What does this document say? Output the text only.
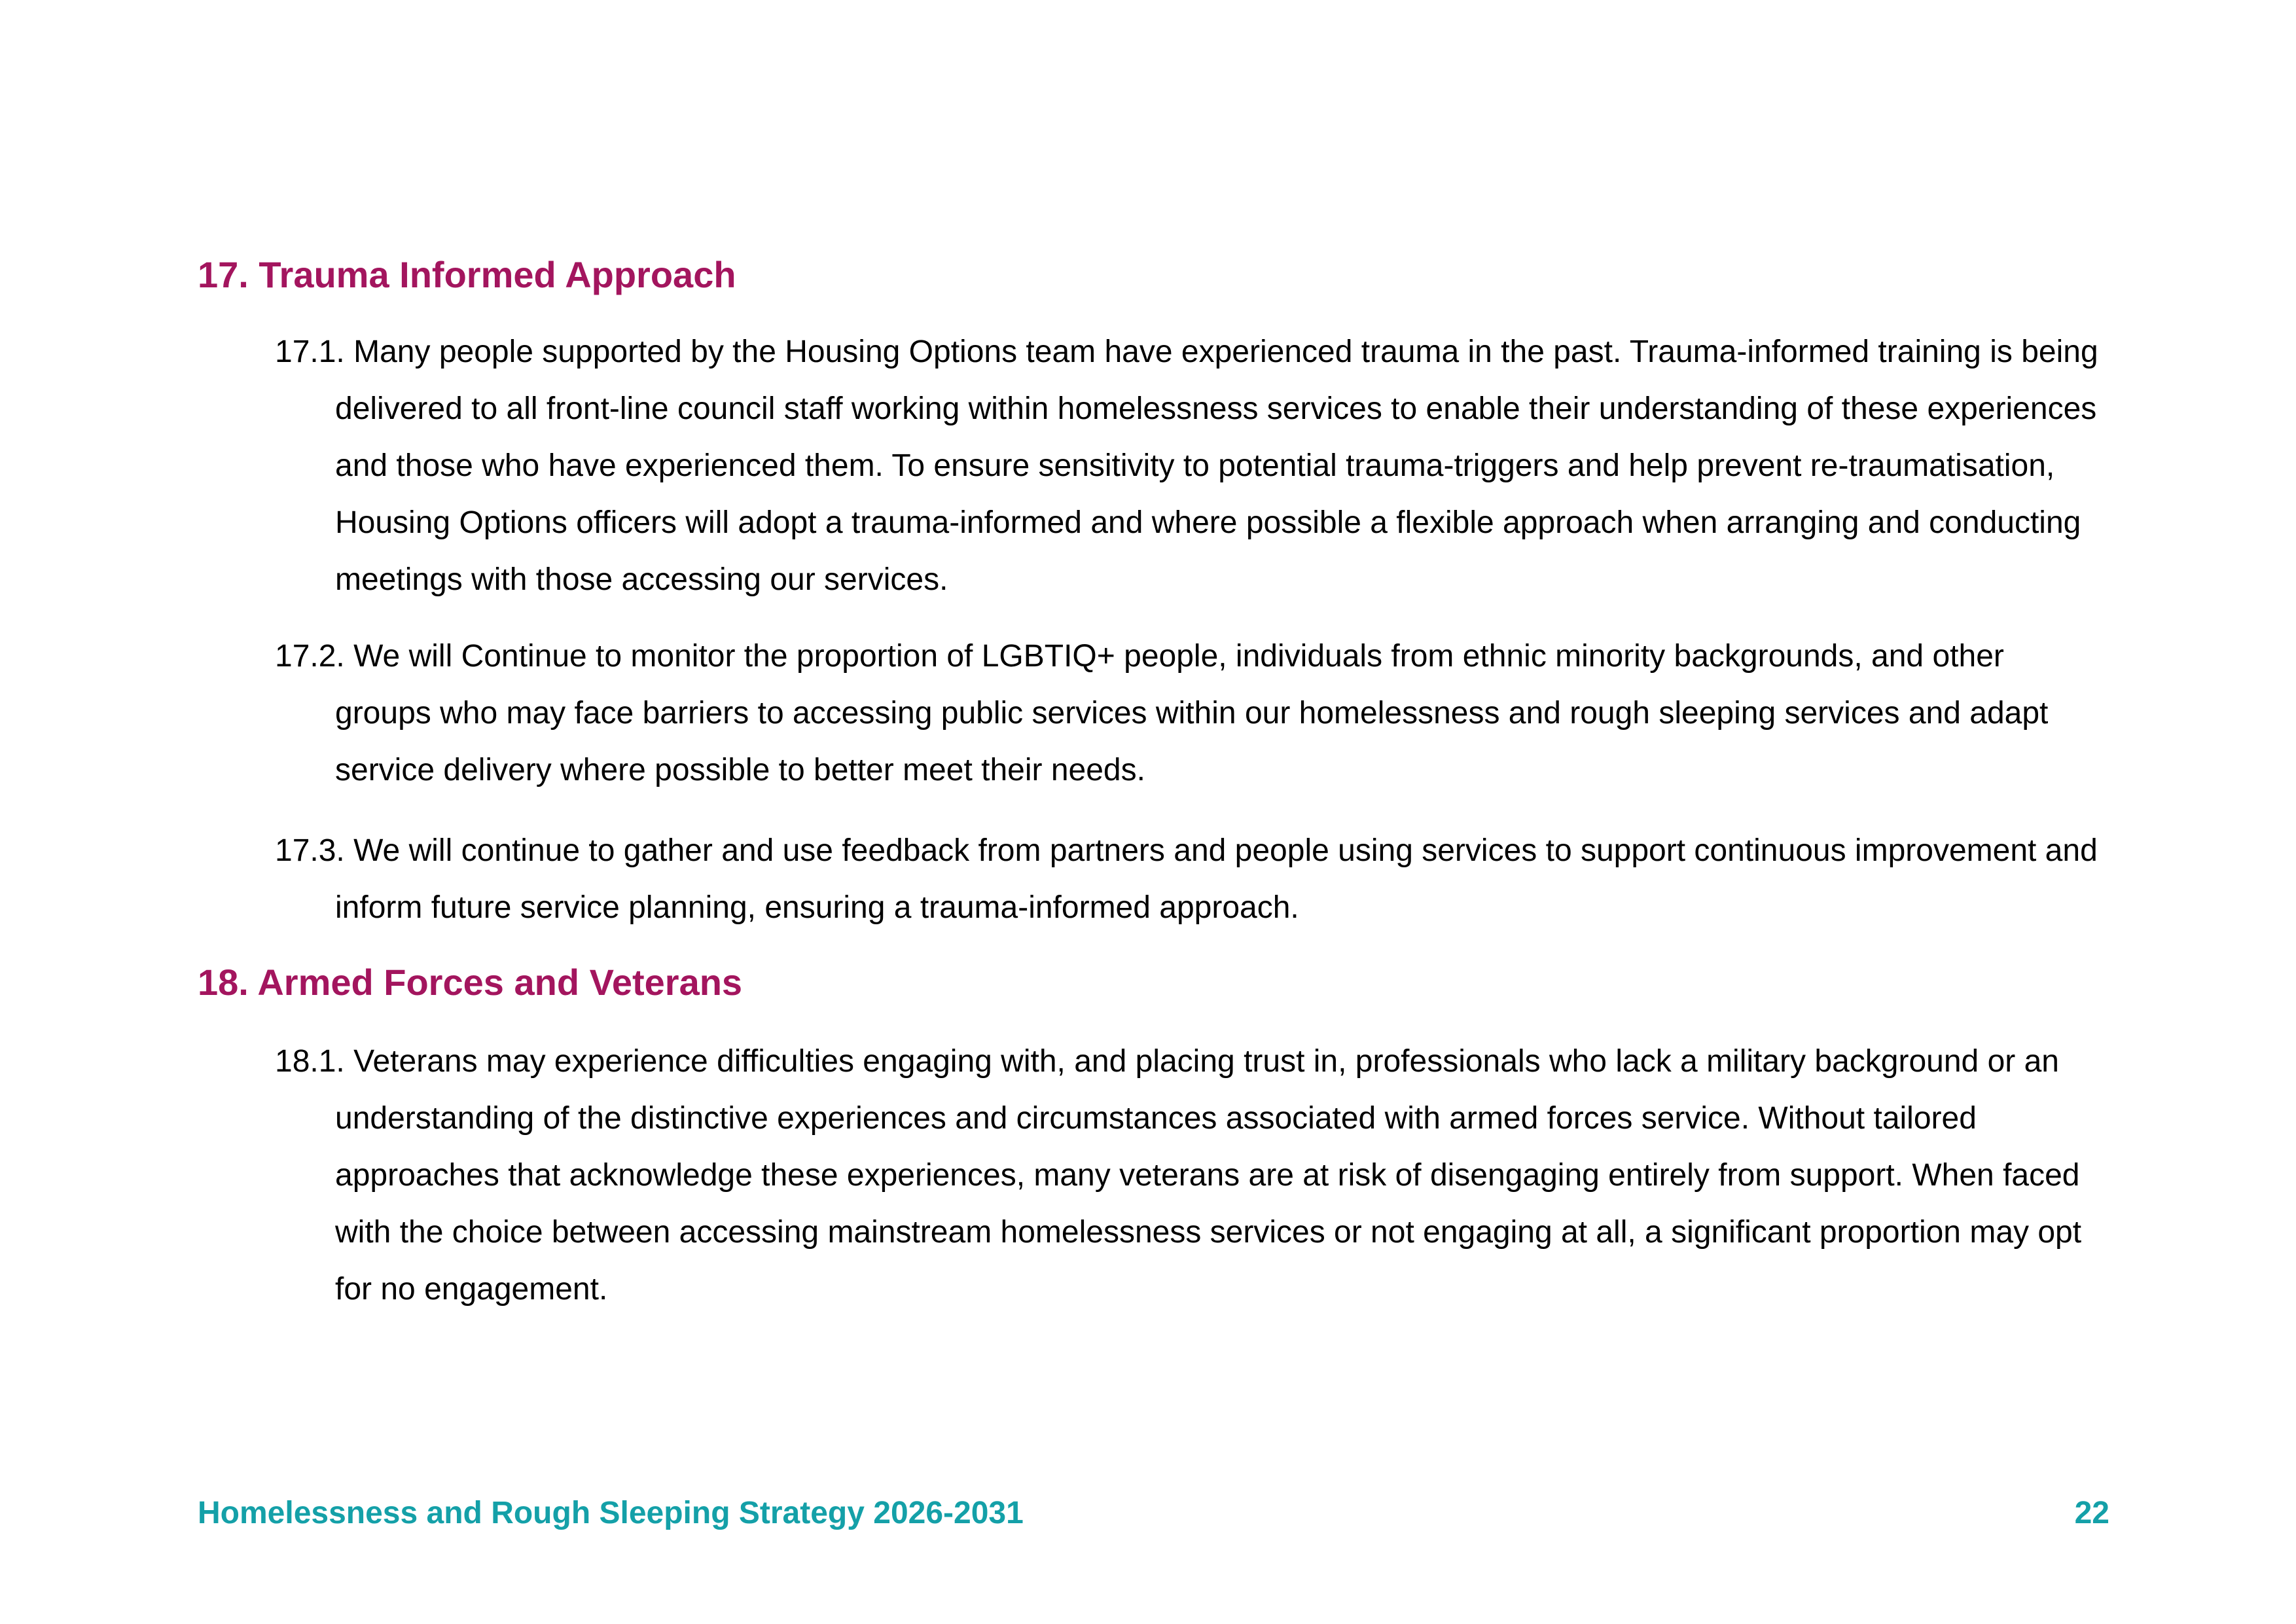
17. Trauma Informed Approach

17.1. Many people supported by the Housing Options team have experienced trauma in the past. Trauma-informed training is being delivered to all front-line council staff working within homelessness services to enable their understanding of these experiences and those who have experienced them. To ensure sensitivity to potential trauma-triggers and help prevent re-traumatisation, Housing Options officers will adopt a trauma-informed and where possible a flexible approach when arranging and conducting meetings with those accessing our services.

17.2. We will Continue to monitor the proportion of LGBTIQ+ people, individuals from ethnic minority backgrounds, and other groups who may face barriers to accessing public services within our homelessness and rough sleeping services and adapt service delivery where possible to better meet their needs.

17.3. We will continue to gather and use feedback from partners and people using services to support continuous improvement and inform future service planning, ensuring a trauma-informed approach.

18. Armed Forces and Veterans

18.1. Veterans may experience difficulties engaging with, and placing trust in, professionals who lack a military background or an understanding of the distinctive experiences and circumstances associated with armed forces service. Without tailored approaches that acknowledge these experiences, many veterans are at risk of disengaging entirely from support. When faced with the choice between accessing mainstream homelessness services or not engaging at all, a significant proportion may opt for no engagement.

Homelessness and Rough Sleeping Strategy 2026-2031	22
